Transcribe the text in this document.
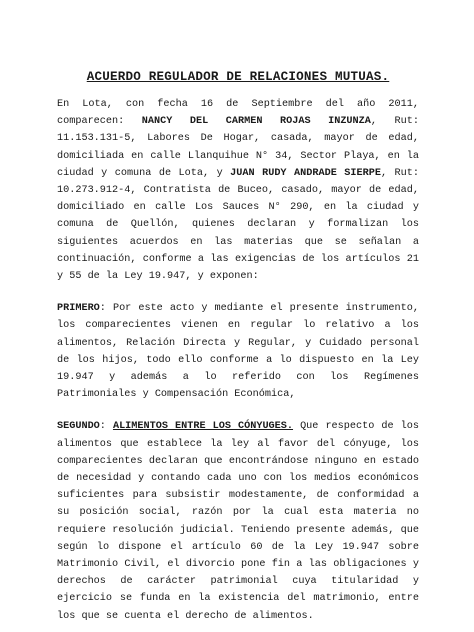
ACUERDO REGULADOR DE RELACIONES MUTUAS.

En Lota, con fecha 16 de Septiembre del año 2011, comparecen: NANCY DEL CARMEN ROJAS INZUNZA, Rut: 11.153.131-5, Labores De Hogar, casada, mayor de edad, domiciliada en calle Llanquihue N° 34, Sector Playa, en la ciudad y comuna de Lota, y JUAN RUDY ANDRADE SIERPE, Rut: 10.273.912-4, Contratista de Buceo, casado, mayor de edad, domiciliado en calle Los Sauces N° 290, en la ciudad y comuna de Quellón, quienes declaran y formalizan los siguientes acuerdos en las materias que se señalan a continuación, conforme a las exigencias de los artículos 21 y 55 de la Ley 19.947, y exponen:

PRIMERO: Por este acto y mediante el presente instrumento, los comparecientes vienen en regular lo relativo a los alimentos, Relación Directa y Regular, y Cuidado personal de los hijos, todo ello conforme a lo dispuesto en la Ley 19.947 y además a lo referido con los Regímenes Patrimoniales y Compensación Económica,

SEGUNDO: ALIMENTOS ENTRE LOS CÓNYUGES. Que respecto de los alimentos que establece la ley al favor del cónyuge, los comparecientes declaran que encontrándose ninguno en estado de necesidad y contando cada uno con los medios económicos suficientes para subsistir modestamente, de conformidad a su posición social, razón por la cual esta materia no requiere resolución judicial. Teniendo presente además, que según lo dispone el artículo 60 de la Ley 19.947 sobre Matrimonio Civil, el divorcio pone fin a las obligaciones y derechos de carácter patrimonial cuya titularidad y ejercicio se funda en la existencia del matrimonio, entre los que se cuenta el derecho de alimentos.
